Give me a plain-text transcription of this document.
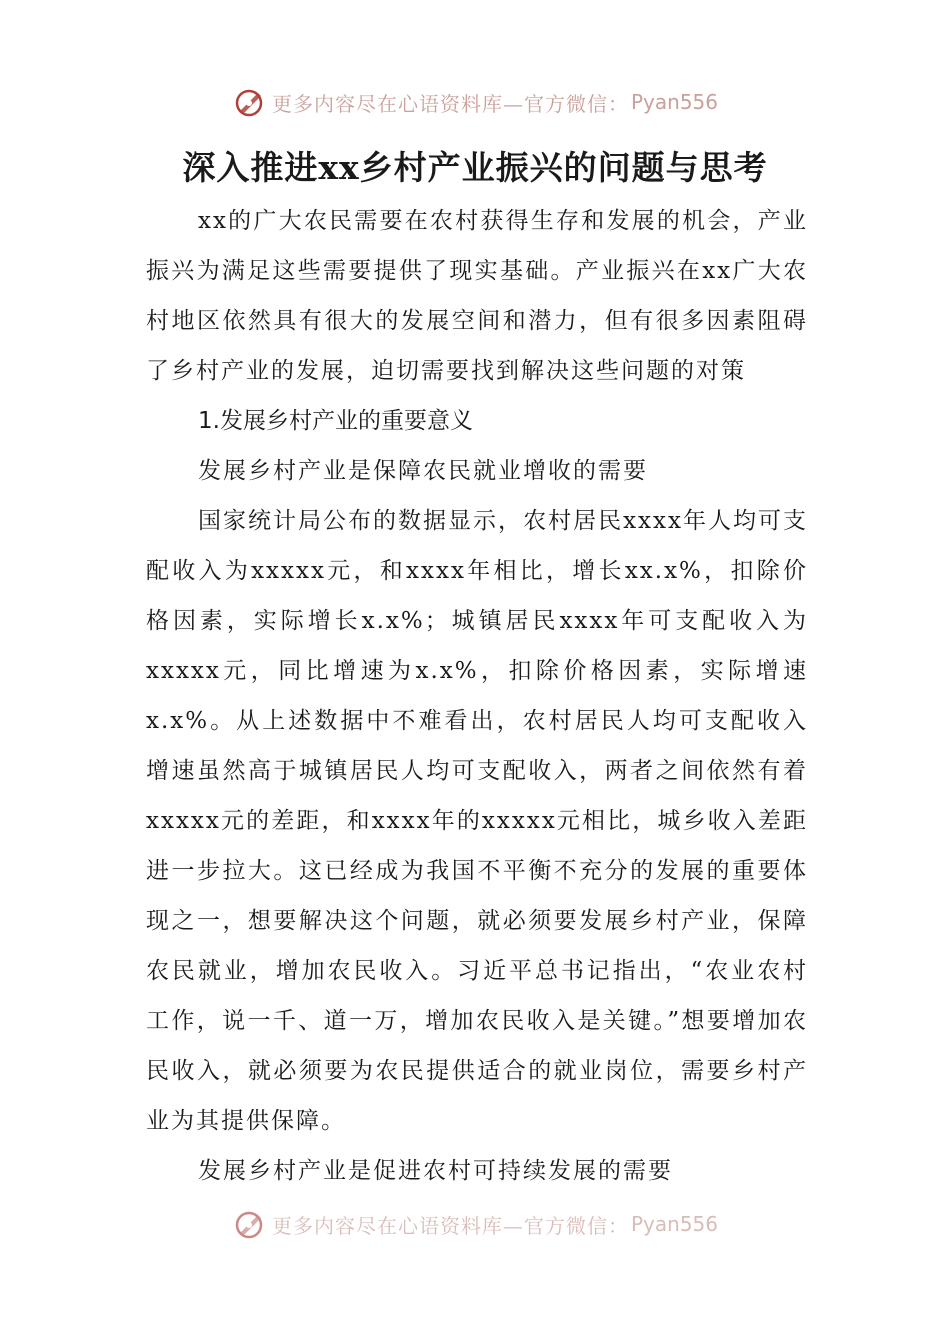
更多内容尽在心语资料库—官方微信： Pyan556
深入推进xx乡村产业振兴的问题与思考

xx的广大农民需要在农村获得生存和发展的机会，产业振兴为满足这些需要提供了现实基础。产业振兴在xx广大农村地区依然具有很大的发展空间和潜力，但有很多因素阻碍了乡村产业的发展，迫切需要找到解决这些问题的对策

1.发展乡村产业的重要意义

发展乡村产业是保障农民就业增收的需要

国家统计局公布的数据显示，农村居民xxxx年人均可支配收入为xxxxx元，和xxxx年相比，增长xx.x%，扣除价格因素，实际增长x.x%；城镇居民xxxx年可支配收入为xxxxx元，同比增速为x.x%，扣除价格因素，实际增速x.x%。从上述数据中不难看出，农村居民人均可支配收入增速虽然高于城镇居民人均可支配收入，两者之间依然有着xxxxx元的差距，和xxxx年的xxxxx元相比，城乡收入差距进一步拉大。这已经成为我国不平衡不充分的发展的重要体现之一，想要解决这个问题，就必须要发展乡村产业，保障农民就业，增加农民收入。习近平总书记指出，“农业农村工作，说一千、道一万，增加农民收入是关键。”想要增加农民收入，就必须要为农民提供适合的就业岗位，需要乡村产业为其提供保障。

发展乡村产业是促进农村可持续发展的需要

更多内容尽在心语资料库—官方微信： Pyan556
